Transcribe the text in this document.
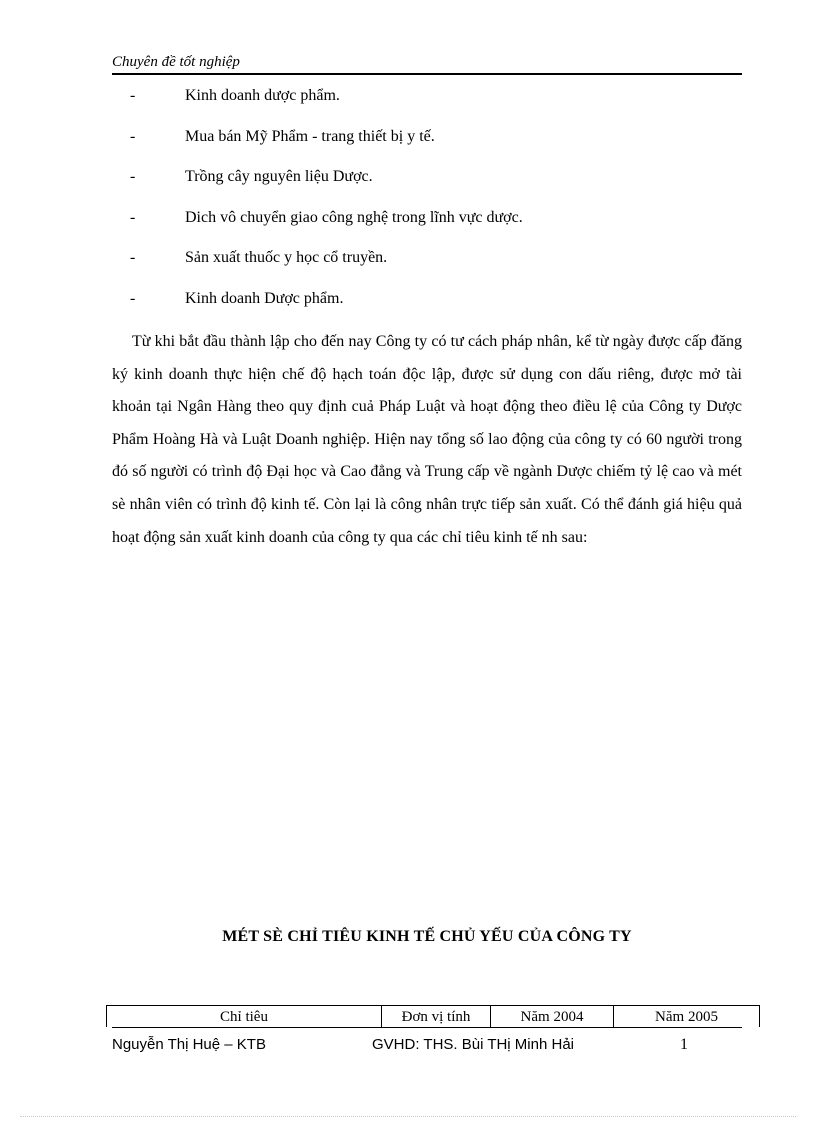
Chuyên đề tốt nghiệp
-	Kinh doanh dược phẩm.
-	Mua bán Mỹ Phẩm - trang thiết bị y tế.
-	Trồng cây nguyên liệu Dược.
-	Dich vô chuyển giao công nghệ trong lĩnh vực dược.
-	Sản xuất thuốc y học cổ truyền.
-	Kinh doanh Dược phẩm.

Từ khi bắt đầu thành lập cho đến nay Công ty có tư cách pháp nhân, kể từ ngày được cấp đăng ký kinh doanh thực hiện chế độ hạch toán độc lập, được sử dụng con dấu riêng, được mở tài khoản tại Ngân Hàng theo quy định cuả Pháp Luật và hoạt động theo điều lệ của Công ty Dược Phẩm Hoàng Hà và Luật Doanh nghiệp. Hiện nay tổng số lao động của công ty có 60 người trong đó số người có trình độ Đại học và Cao đẳng và Trung cấp về ngành Dược chiếm tỷ lệ cao và mét sè nhân viên có trình độ kinh tế. Còn lại là công nhân trực tiếp sản xuất. Có thể đánh giá hiệu quả hoạt động sản xuất kinh doanh của công ty qua các chỉ tiêu kinh tế nh sau:

MÉT SÈ CHỈ TIÊU KINH TẾ CHỦ YẾU CỦA CÔNG TY
Chỉ tiêu	Đơn vị tính	Năm 2004	Năm 2005
Nguyễn Thị Huệ – KTB	GVHD: THS. Bùi THị Minh Hải	1
